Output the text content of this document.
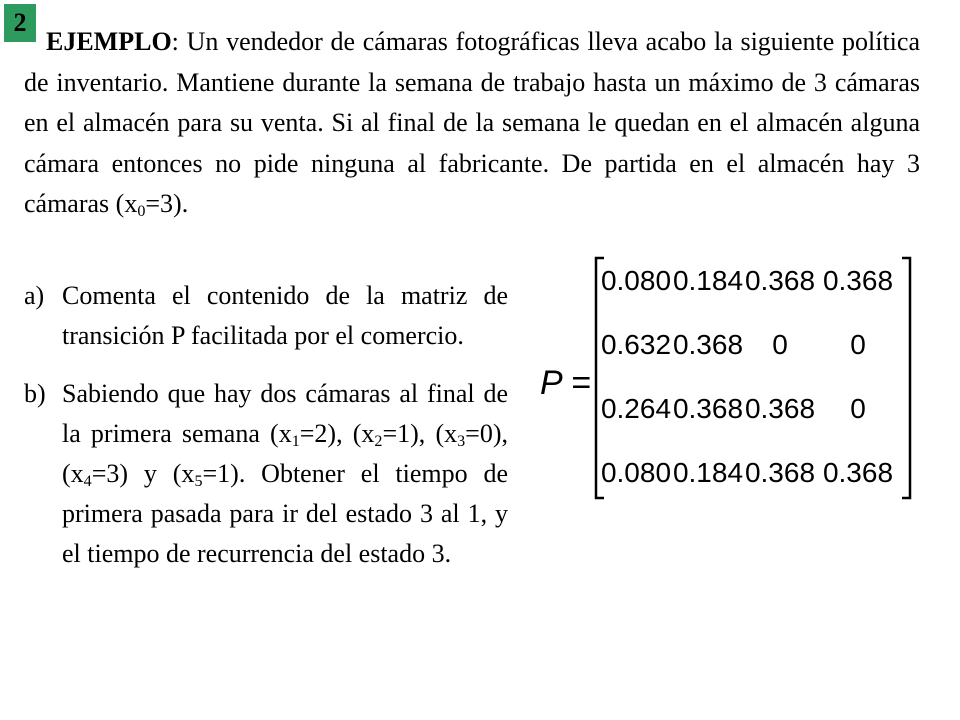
2
EJEMPLO: Un vendedor de cámaras fotográficas lleva acabo la siguiente política de inventario. Mantiene durante la semana de trabajo hasta un máximo de 3 cámaras en el almacén para su venta. Si al final de la semana le quedan en el almacén alguna cámara entonces no pide ninguna al fabricante. De partida en el almacén hay 3 cámaras $(x_0=3)$.
a) Comenta el contenido de la matriz de transición P facilitada por el comercio.
b) Sabiendo que hay dos cámaras al final de la primera semana $(x_1=2)$, $(x_2=1)$, $(x_3=0)$, $(x_4=3)$ y $(x_5=1)$. Obtener el tiempo de primera pasada para ir del estado 3 al 1, y el tiempo de recurrencia del estado 3.
P =
0.080 0.184 0.368 0.368
0.632 0.368 0 0
0.264 0.368 0.368 0
0.080 0.184 0.368 0.368
